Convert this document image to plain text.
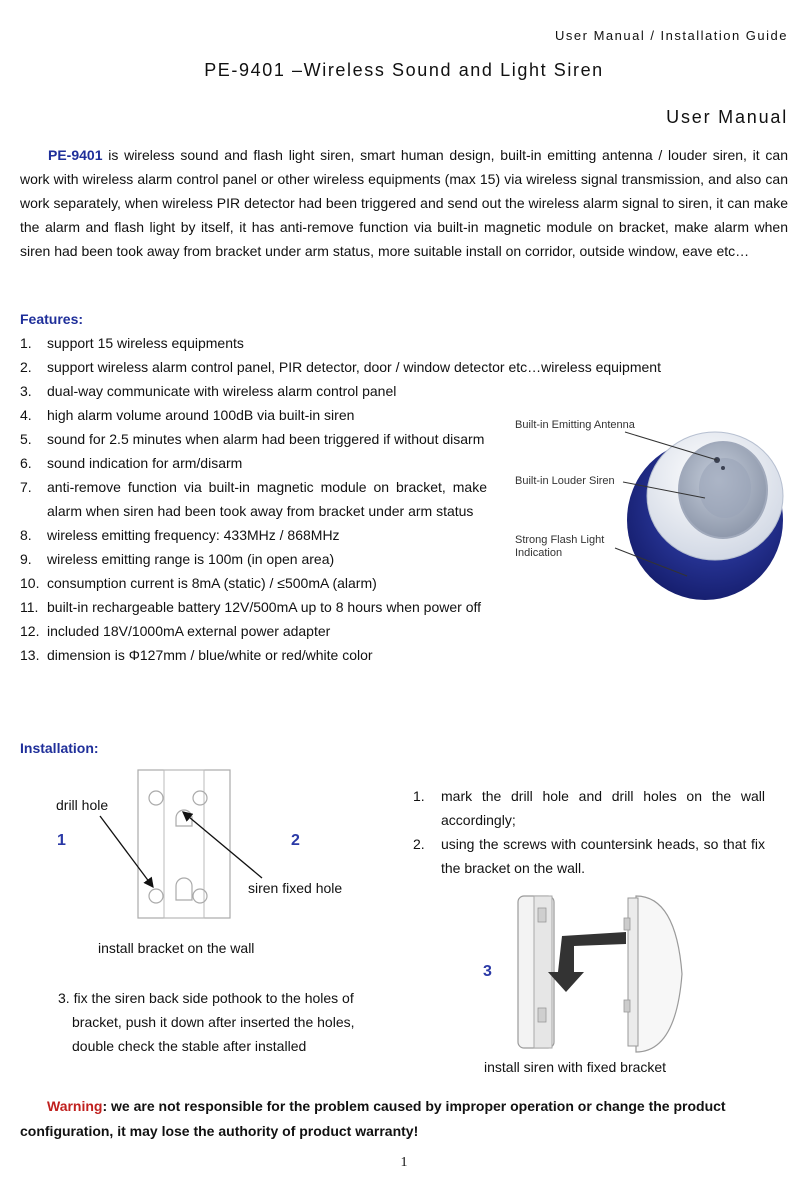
User Manual / Installation Guide
PE-9401 –Wireless Sound and Light Siren
User Manual
PE-9401 is wireless sound and flash light siren, smart human design, built-in emitting antenna / louder siren, it can work with wireless alarm control panel or other wireless equipments (max 15) via wireless signal transmission, and also can work separately, when wireless PIR detector had been triggered and send out the wireless alarm signal to siren, it can make the alarm and flash light by itself, it has anti-remove function via built-in magnetic module on bracket, make alarm when siren had been took away from bracket under arm status, more suitable install on corridor, outside window, eave etc…
Features:
1. support 15 wireless equipments
2. support wireless alarm control panel, PIR detector, door / window detector etc…wireless equipment
3. dual-way communicate with wireless alarm control panel
4. high alarm volume around 100dB via built-in siren
5. sound for 2.5 minutes when alarm had been triggered if without disarm
6. sound indication for arm/disarm
7. anti-remove function via built-in magnetic module on bracket, make alarm when siren had been took away from bracket under arm status
8. wireless emitting frequency: 433MHz / 868MHz
9. wireless emitting range is 100m (in open area)
10. consumption current is 8mA (static) / ≤500mA (alarm)
11. built-in rechargeable battery 12V/500mA up to 8 hours when power off
12. included 18V/1000mA external power adapter
13. dimension is Φ127mm / blue/white or red/white color
Built-in Emitting Antenna
Built-in Louder Siren
Strong Flash Light
Indication
Installation:
drill hole
1	2
siren fixed hole
install bracket on the wall
1. mark the drill hole and drill holes on the wall accordingly;
2. using the screws with countersink heads, so that fix the bracket on the wall.
3
3. fix the siren back side pothook to the holes of
bracket, push it down after inserted the holes,
double check the stable after installed
install siren with fixed bracket
Warning: we are not responsible for the problem caused by improper operation or change the product configuration, it may lose the authority of product warranty!
1
